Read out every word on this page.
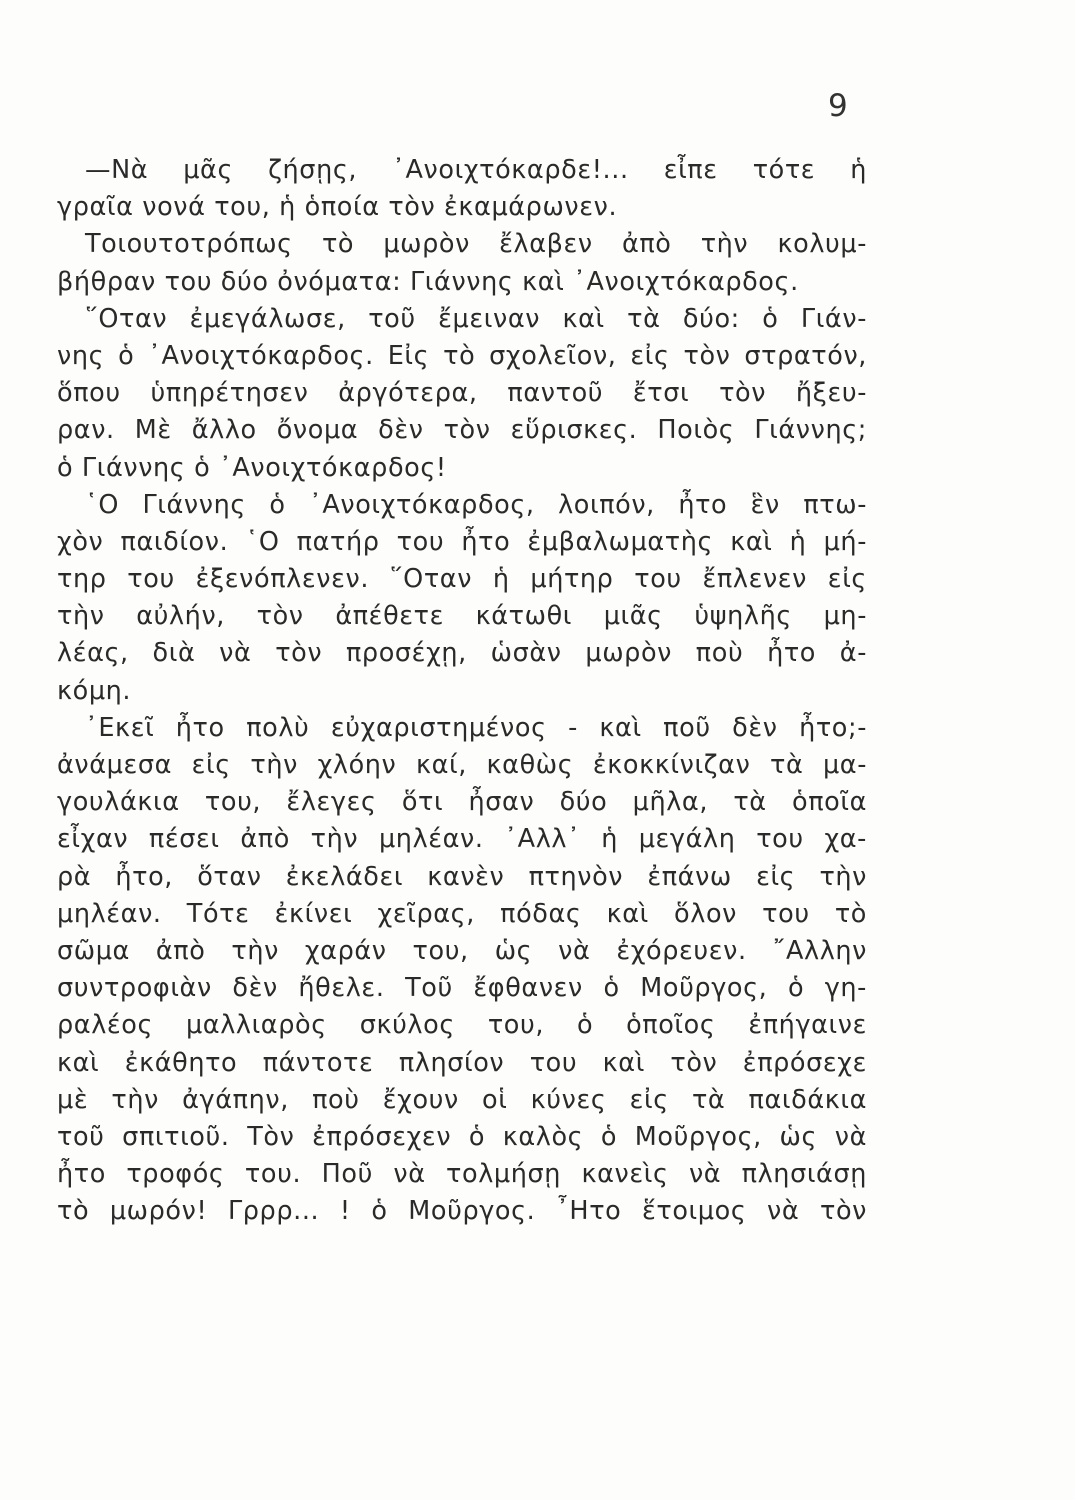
9
—Νὰ μᾶς ζήσῃς, ᾽Ανοιχτόκαρδε!... εἶπε τότε ἡ
γραῖα νονά του, ἡ ὁποία τὸν ἐκαμάρωνεν.
Τοιουτοτρόπως τὸ μωρὸν ἔλαβεν ἀπὸ τὴν κολυμ-
βήθραν του δύο ὀνόματα: Γιάννης καὶ ᾽Ανοιχτόκαρδος.
῞Οταν ἐμεγάλωσε, τοῦ ἔμειναν καὶ τὰ δύο: ὁ Γιάν-
νης ὁ ᾽Ανοιχτόκαρδος. Εἰς τὸ σχολεῖον, εἰς τὸν στρατόν,
ὅπου ὑπηρέτησεν ἀργότερα, παντοῦ ἔτσι τὸν ἤξευ-
ραν. Μὲ ἄλλο ὄνομα δὲν τὸν εὕρισκες. Ποιὸς Γιάννης;
ὁ Γιάννης ὁ ᾽Ανοιχτόκαρδος!
῾Ο Γιάννης ὁ ᾽Ανοιχτόκαρδος, λοιπόν, ἦτο ἓν πτω-
χὸν παιδίον. ῾Ο πατήρ του ἦτο ἐμβαλωματὴς καὶ ἡ μή-
τηρ του ἐξενόπλενεν. ῞Οταν ἡ μήτηρ του ἔπλενεν εἰς
τὴν αὐλήν, τὸν ἀπέθετε κάτωθι μιᾶς ὑψηλῆς μη-
λέας, διὰ νὰ τὸν προσέχῃ, ὡσὰν μωρὸν ποὺ ἦτο ἀ-
κόμη.
᾽Εκεῖ ἦτο πολὺ εὐχαριστημένος - καὶ ποῦ δὲν ἦτο;-
ἀνάμεσα εἰς τὴν χλόην καί, καθὼς ἐκοκκίνιζαν τὰ μα-
γουλάκια του, ἔλεγες ὅτι ἦσαν δύο μῆλα, τὰ ὁποῖα
εἶχαν πέσει ἀπὸ τὴν μηλέαν. ᾽Αλλ᾽ ἡ μεγάλη του χα-
ρὰ ἦτο, ὅταν ἐκελάδει κανὲν πτηνὸν ἐπάνω εἰς τὴν
μηλέαν. Τότε ἐκίνει χεῖρας, πόδας καὶ ὅλον του τὸ
σῶμα ἀπὸ τὴν χαράν του, ὡς νὰ ἐχόρευεν. ῎Αλλην
συντροφιὰν δὲν ἤθελε. Τοῦ ἔφθανεν ὁ Μοῦργος, ὁ γη-
ραλέος μαλλιαρὸς σκύλος του, ὁ ὁποῖος ἐπήγαινε
καὶ ἐκάθητο πάντοτε πλησίον του καὶ τὸν ἐπρόσεχε
μὲ τὴν ἀγάπην, ποὺ ἔχουν οἱ κύνες εἰς τὰ παιδάκια
τοῦ σπιτιοῦ. Τὸν ἐπρόσεχεν ὁ καλὸς ὁ Μοῦργος, ὡς νὰ
ἦτο τροφός του. Ποῦ νὰ τολμήσῃ κανεὶς νὰ πλησιάσῃ
τὸ μωρόν! Γρρρ... ! ὁ Μοῦργος. ῏Ητο ἕτοιμος νὰ τὸν
